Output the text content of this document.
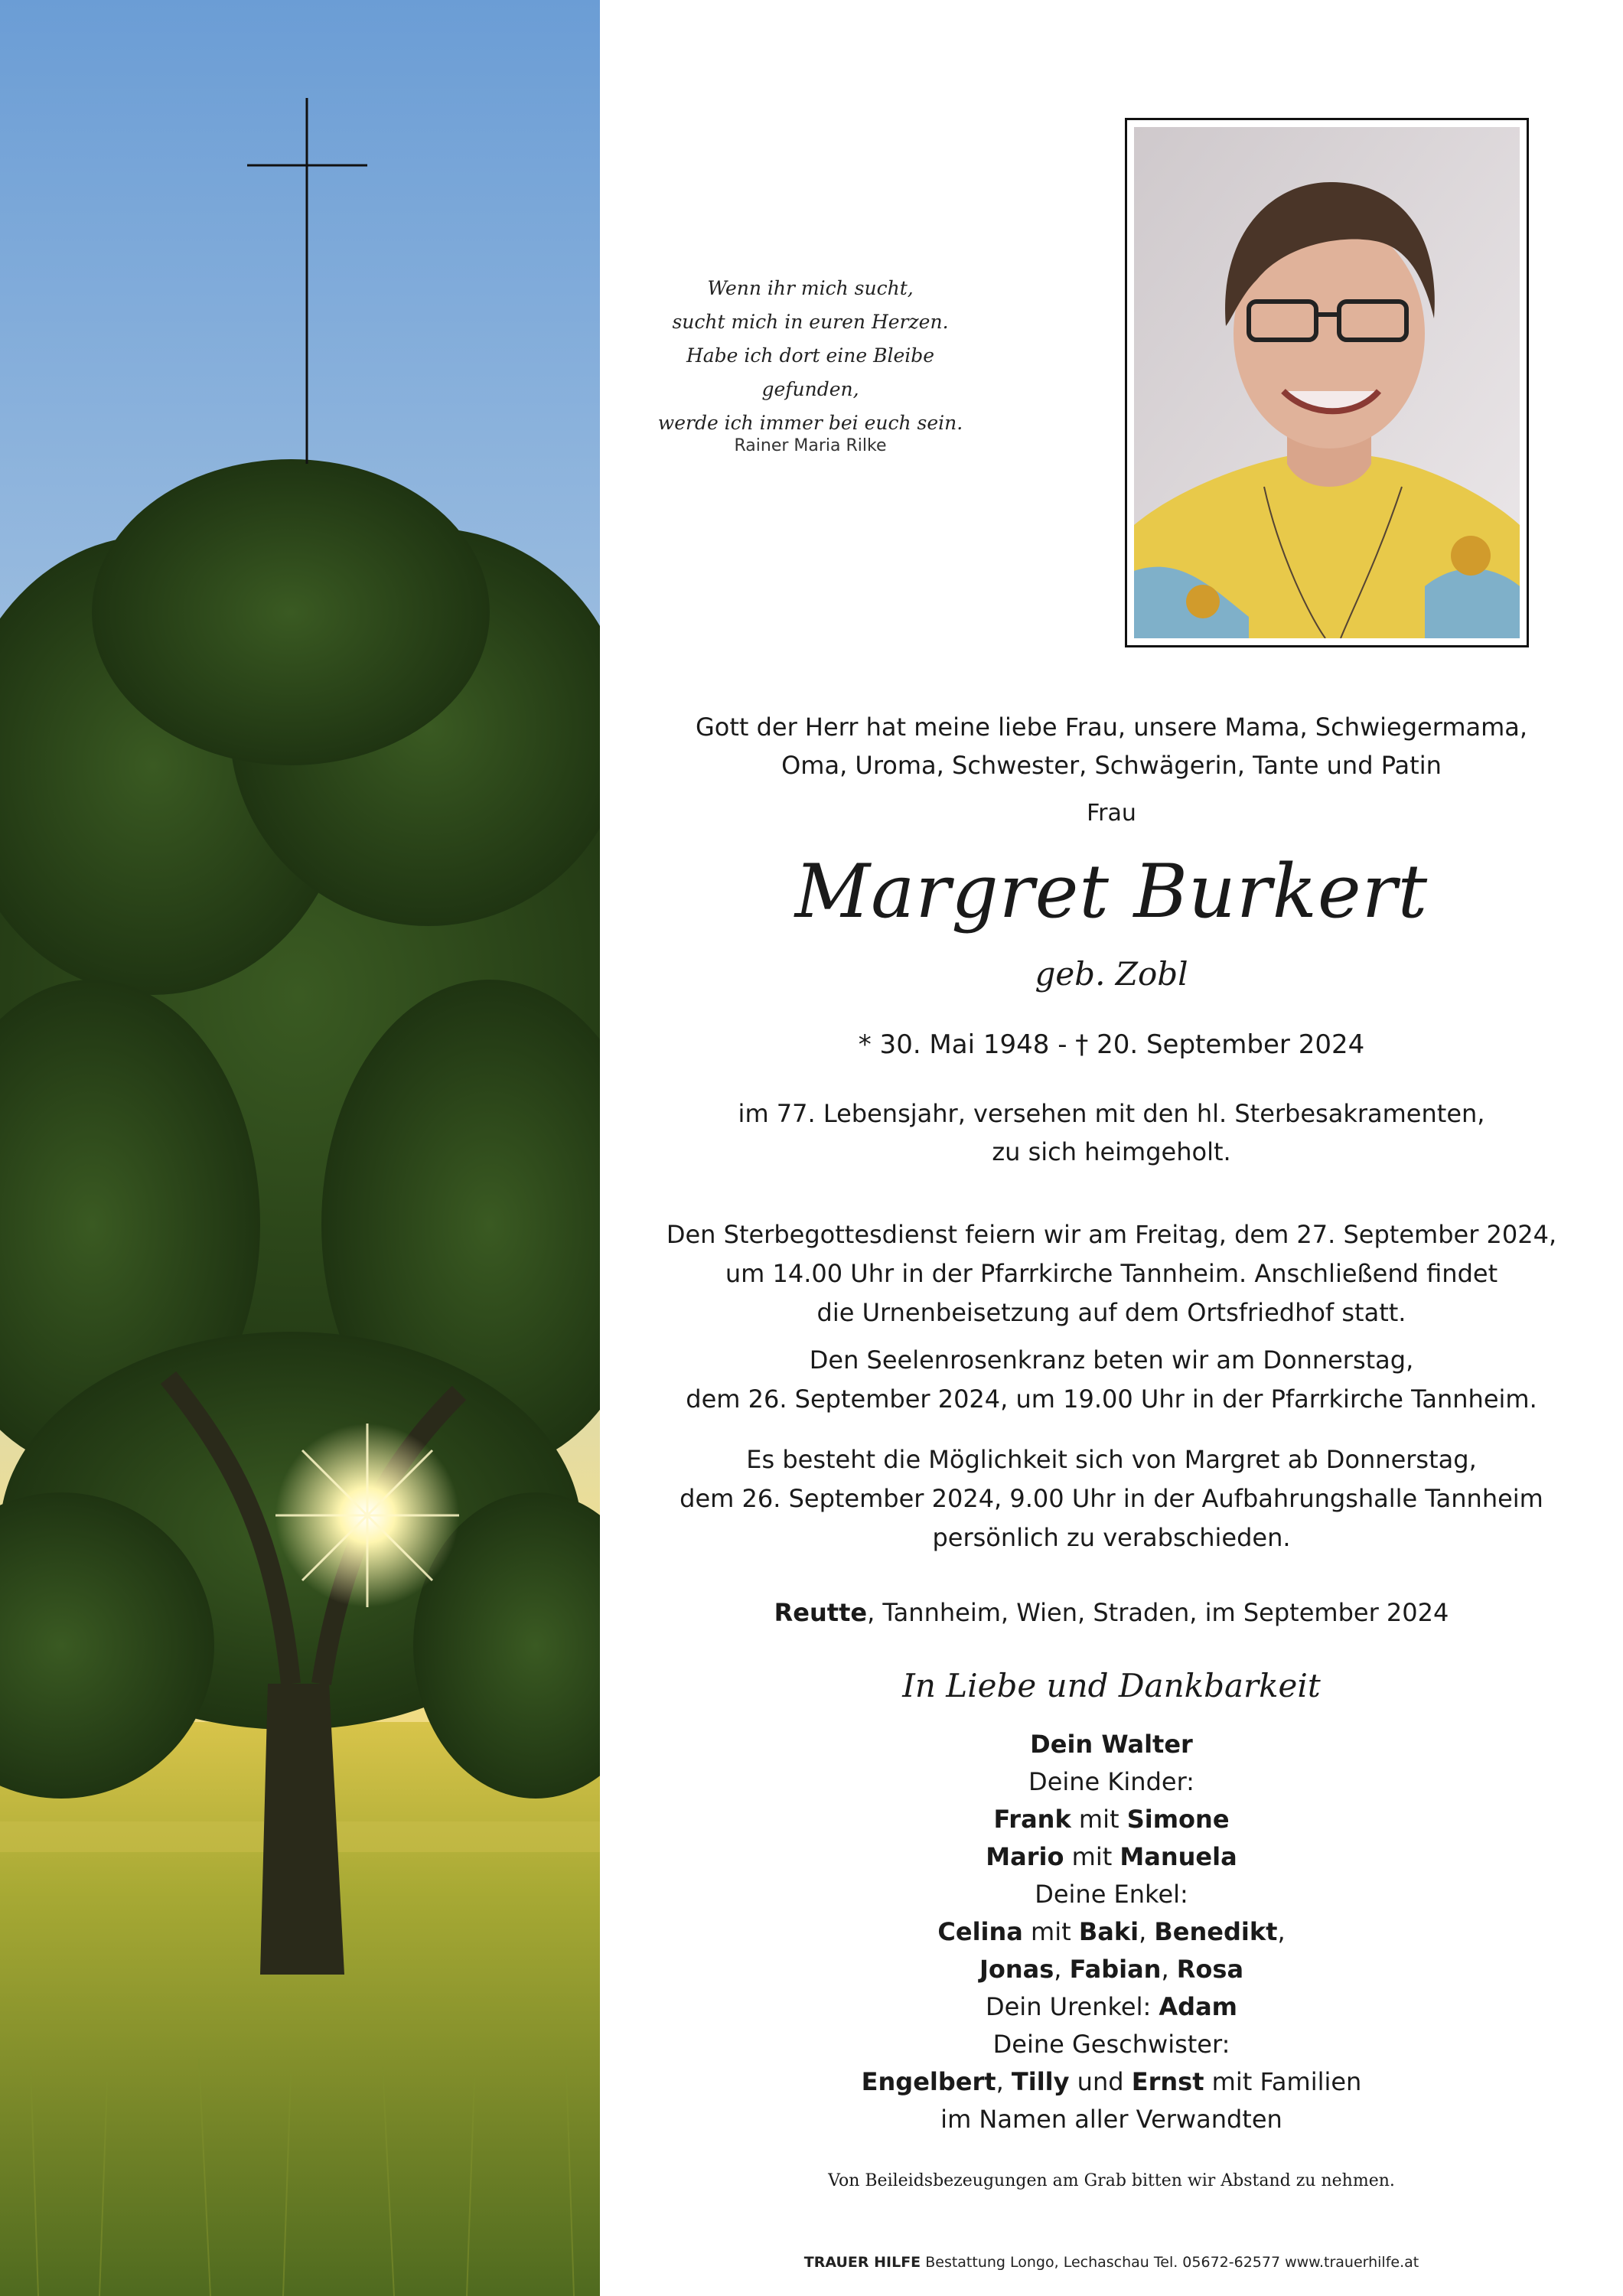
Wenn ihr mich sucht,
sucht mich in euren Herzen.
Habe ich dort eine Bleibe gefunden,
werde ich immer bei euch sein.
Rainer Maria Rilke
Gott der Herr hat meine liebe Frau, unsere Mama, Schwiegermama,
Oma, Uroma, Schwester, Schwägerin, Tante und Patin
Frau
Margret Burkert
geb. Zobl
* 30. Mai 1948 - † 20. September 2024
im 77. Lebensjahr, versehen mit den hl. Sterbesakramenten,
zu sich heimgeholt.
Den Sterbegottesdienst feiern wir am Freitag, dem 27. September 2024,
um 14.00 Uhr in der Pfarrkirche Tannheim. Anschließend findet
die Urnenbeisetzung auf dem Ortsfriedhof statt.
Den Seelenrosenkranz beten wir am Donnerstag,
dem 26. September 2024, um 19.00 Uhr in der Pfarrkirche Tannheim.
Es besteht die Möglichkeit sich von Margret ab Donnerstag,
dem 26. September 2024, 9.00 Uhr in der Aufbahrungshalle Tannheim
persönlich zu verabschieden.
Reutte, Tannheim, Wien, Straden, im September 2024
In Liebe und Dankbarkeit
Dein Walter
Deine Kinder:
Frank mit Simone
Mario mit Manuela
Deine Enkel:
Celina mit Baki, Benedikt,
Jonas, Fabian, Rosa
Dein Urenkel: Adam
Deine Geschwister:
Engelbert, Tilly und Ernst mit Familien
im Namen aller Verwandten
Von Beileidsbezeugungen am Grab bitten wir Abstand zu nehmen.
TRAUER HILFE Bestattung Longo, Lechaschau Tel. 05672-62577 www.trauerhilfe.at
